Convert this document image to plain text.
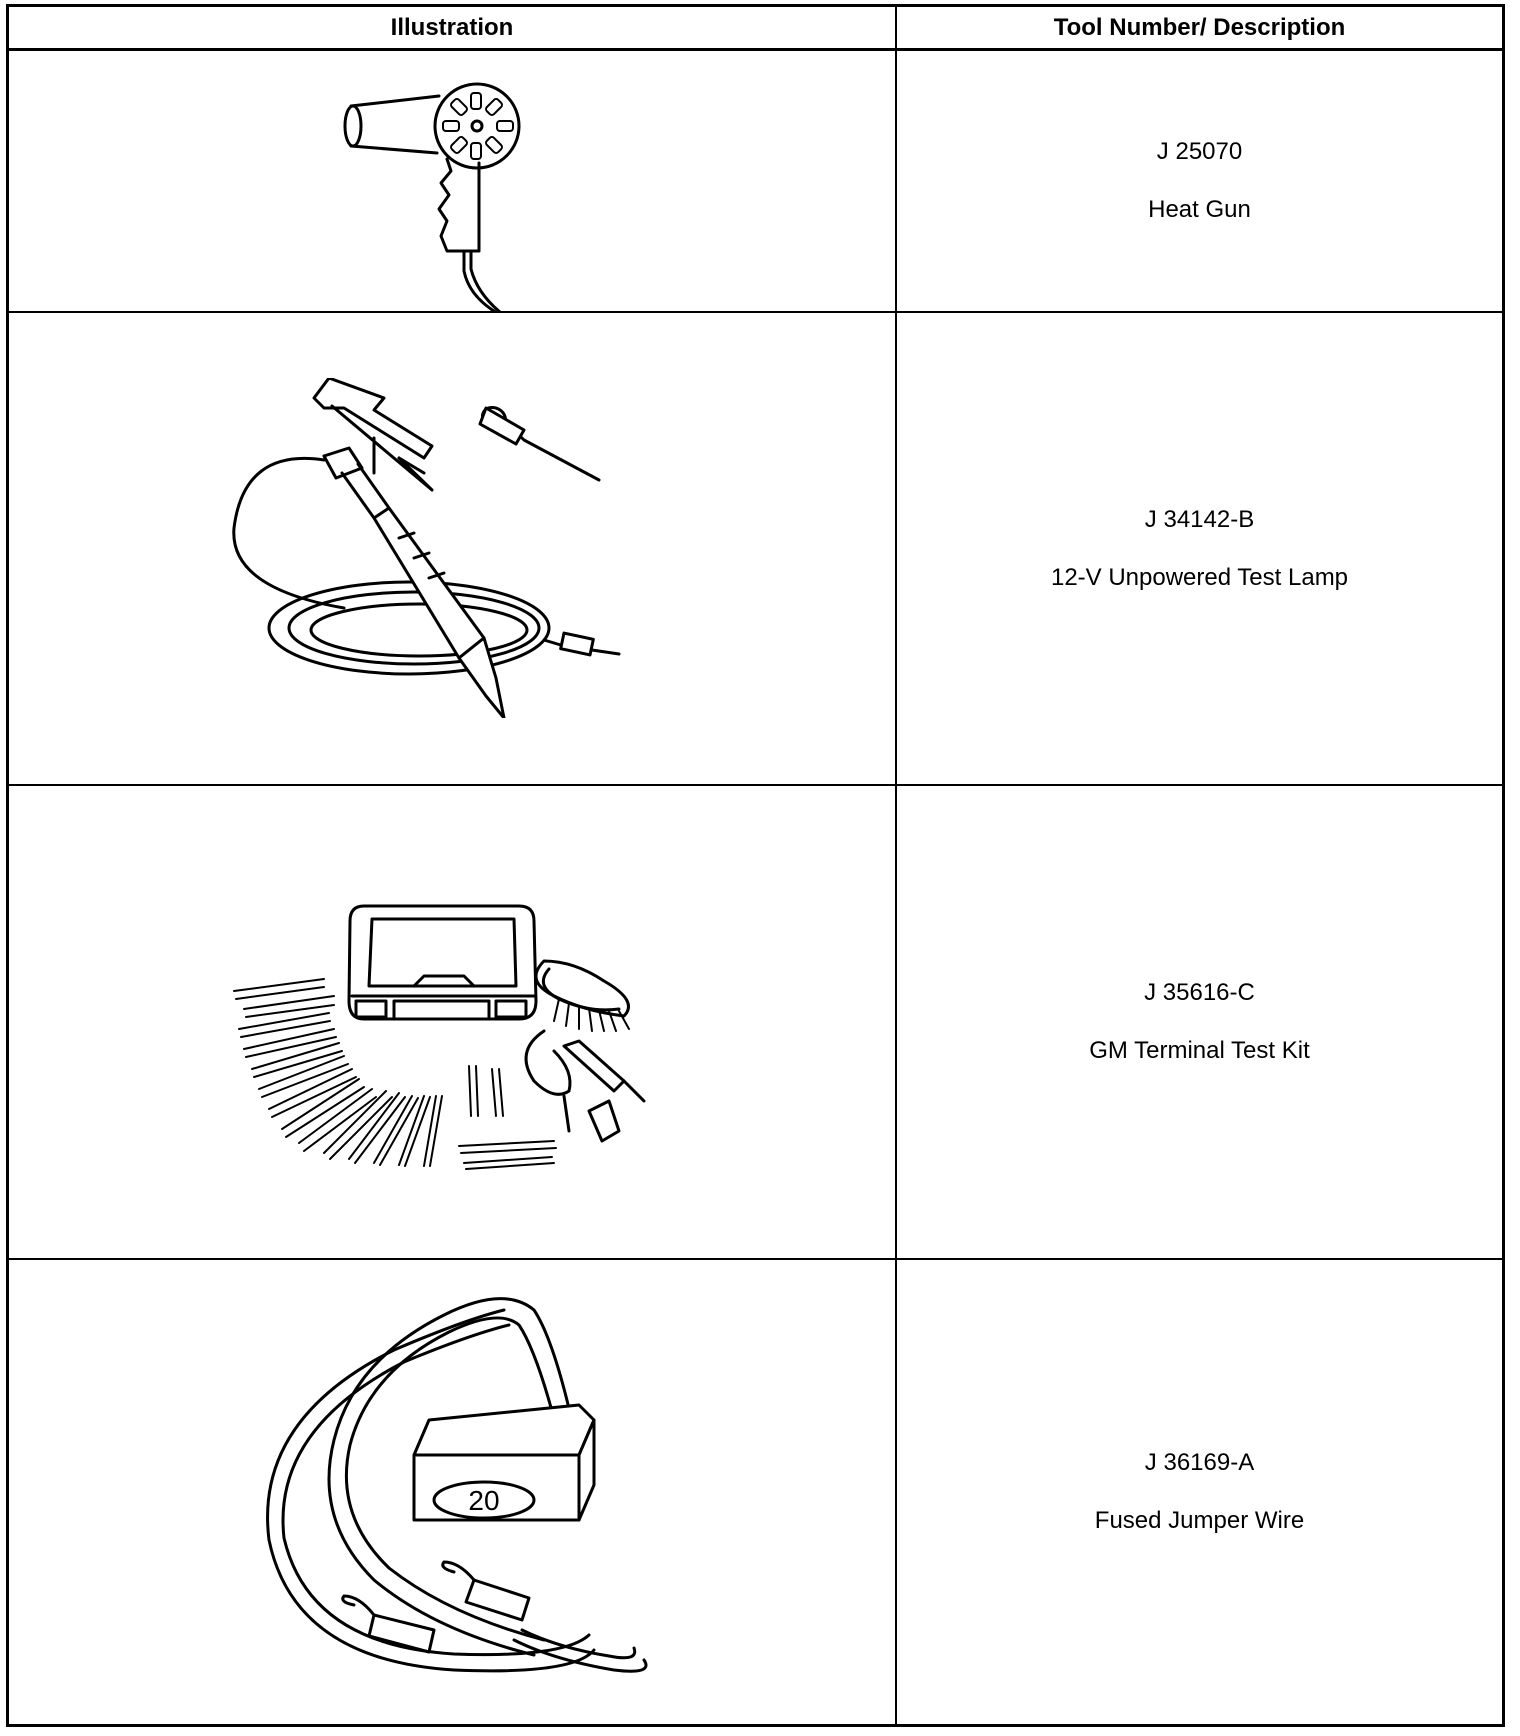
Illustration	Tool Number/ Description
J 25070
Heat Gun
J 34142-B
12-V Unpowered Test Lamp
J 35616-C
GM Terminal Test Kit
20
J 36169-A
Fused Jumper Wire
